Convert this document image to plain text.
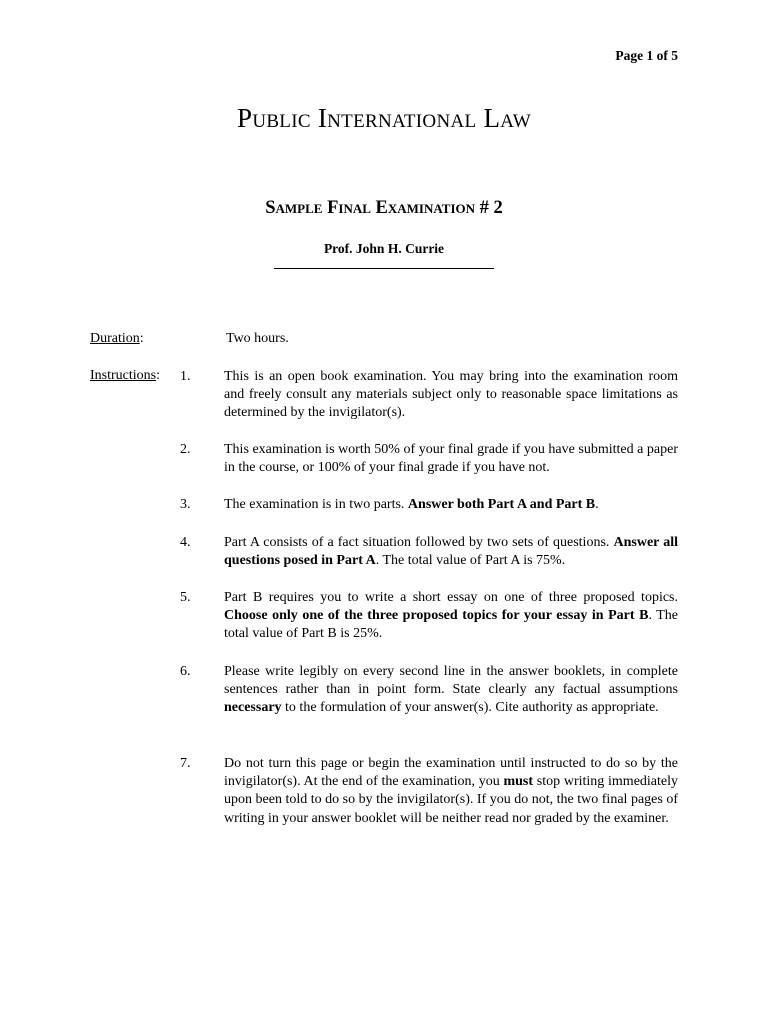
Page 1 of 5
Public International Law
Sample Final Examination # 2
Prof. John H. Currie
Duration:	Two hours.
Instructions: 1.	This is an open book examination. You may bring into the examination room and freely consult any materials subject only to reasonable space limitations as determined by the invigilator(s).
2.	This examination is worth 50% of your final grade if you have submitted a paper in the course, or 100% of your final grade if you have not.
3.	The examination is in two parts. Answer both Part A and Part B.
4.	Part A consists of a fact situation followed by two sets of questions. Answer all questions posed in Part A. The total value of Part A is 75%.
5.	Part B requires you to write a short essay on one of three proposed topics. Choose only one of the three proposed topics for your essay in Part B. The total value of Part B is 25%.
6.	Please write legibly on every second line in the answer booklets, in complete sentences rather than in point form. State clearly any factual assumptions necessary to the formulation of your answer(s). Cite authority as appropriate.
7.	Do not turn this page or begin the examination until instructed to do so by the invigilator(s). At the end of the examination, you must stop writing immediately upon been told to do so by the invigilator(s). If you do not, the two final pages of writing in your answer booklet will be neither read nor graded by the examiner.
